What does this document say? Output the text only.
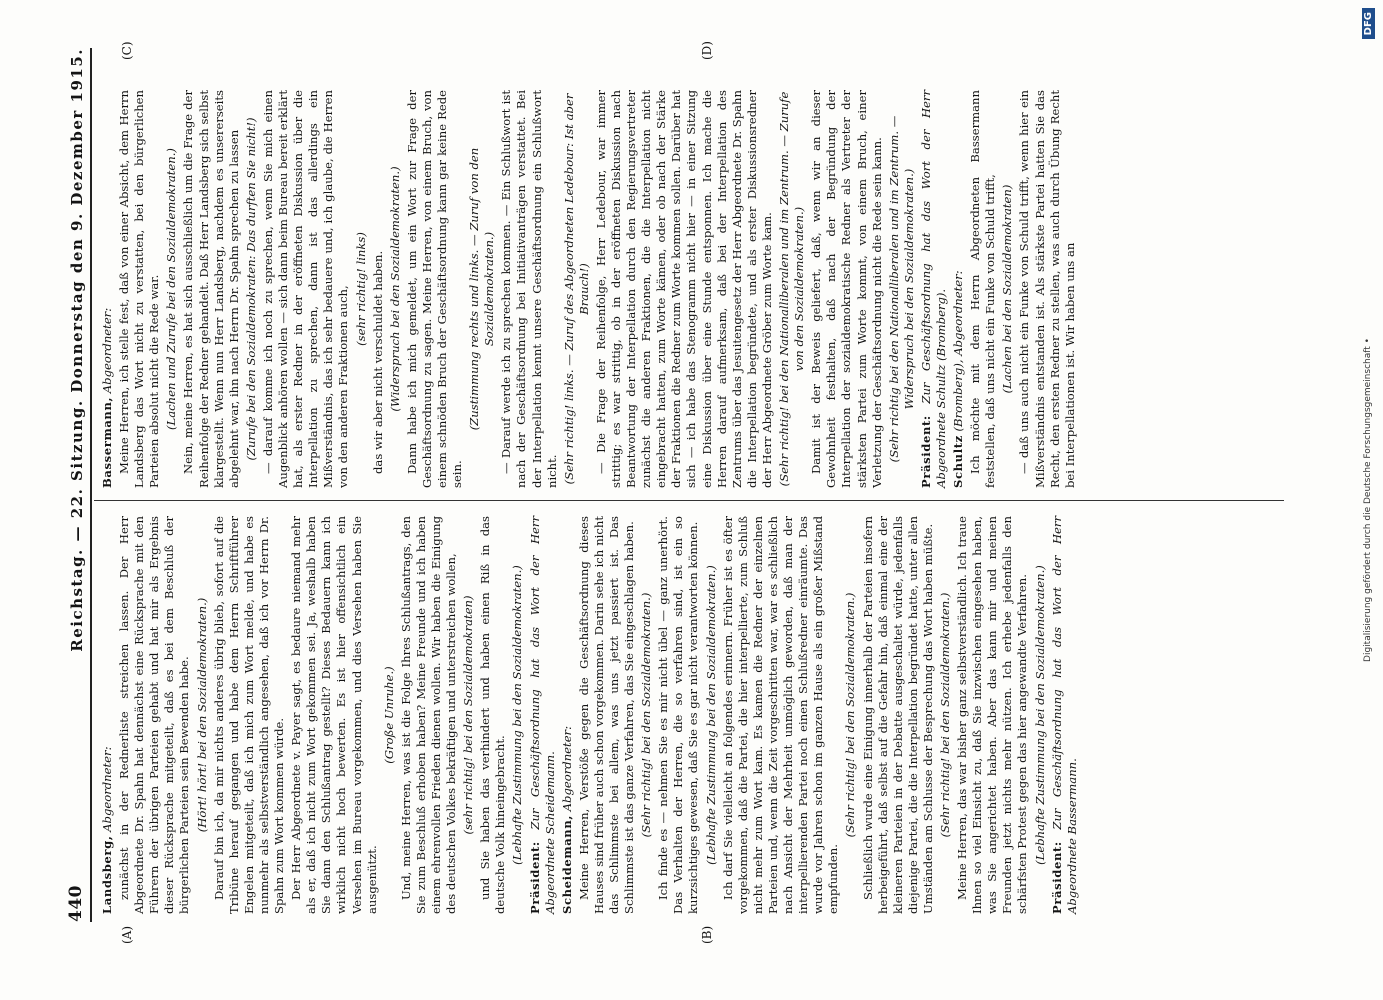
440
Reichstag. — 22. Sitzung. Donnerstag den 9. Dezember 1915.
(A)	(B)
(C)	(D)

Landsberg, Abgeordneter: zunächst in der Rednerliste streichen lassen. Der Herr Abgeordnete Dr. Spahn hat dennächst eine Rücksprache mit den Führern der übrigen Parteien gehabt und hat mir als Ergebnis dieser Rücksprache mitgeteilt, daß es bei dem Beschluß der bürgerlichen Parteien sein Bewenden habe. (Hört! hört! bei den Sozialdemokraten.) Darauf bin ich, da mir nichts anderes übrig blieb, sofort auf die Tribüne herauf gegangen und habe dem Herrn Schriftführer Engelen mitgeteilt, daß ich mich zum Wort melde, und habe es nunmehr als selbstverständlich angesehen, daß ich vor Herrn Dr. Spahn zum Wort kommen würde. Der Herr Abgeordnete v. Payer sagt, es bedaure niemand mehr als er, daß ich nicht zum Wort gekommen sei. Ja, weshalb haben Sie dann den Schlußantrag gestellt? Dieses Bedauern kann ich wirklich nicht hoch bewerten. Es ist hier offensichtlich ein Versehen im Bureau vorgekommen, und dies Versehen haben Sie ausgenützt.

(Große Unruhe.) Und, meine Herren, was ist die Folge Ihres Schlußantrags, den Sie zum Beschluß erhoben haben? Meine Freunde und ich haben einem ehrenvollen Frieden dienen wollen. Wir haben die Einigung des deutschen Volkes bekräftigen und unterstreichen wollen, (sehr richtig! bei den Sozialdemokraten) und Sie haben das verhindert und haben einen Riß in das deutsche Volk hineingebracht. (Lebhafte Zustimmung bei den Sozialdemokraten.)

Präsident: Zur Geschäftsordnung hat das Wort der Herr Abgeordnete Scheidemann. Scheidemann, Abgeordneter: Meine Herren, Verstöße gegen die Geschäftsordnung dieses Hauses sind früher auch schon vorgekommen. Darin sehe ich nicht das Schlimmste bei allem, was uns jetzt passiert ist. Das Schlimmste ist das ganze Verfahren, das Sie eingeschlagen haben. (Sehr richtig! bei den Sozialdemokraten.) Ich finde es — nehmen Sie es mir nicht übel — ganz unerhört. Das Verhalten der Herren, die so verfahren sind, ist ein so kurzsichtiges gewesen, daß Sie es gar nicht verantworten können. (Lebhafte Zustimmung bei den Sozialdemokraten.) Ich darf Sie vielleicht an folgendes erinnern. Früher ist es öfter vorgekommen, daß die Partei, die hier interpellierte, zum Schluß nicht mehr zum Wort kam. Es kamen die Redner der einzelnen Parteien und, wenn die Zeit vorgeschritten war, war es schließlich nach Ansicht der Mehrheit unmöglich geworden, daß man der interpellierenden Partei noch einen Schlußredner einräumte. Das wurde vor Jahren schon im ganzen Hause als ein großer Mißstand empfunden.

(Sehr richtig! bei den Sozialdemokraten.) Schließlich wurde eine Einigung innerhalb der Parteien insofern herbeigeführt, daß selbst auf die Gefahr hin, daß einmal eine der kleineren Parteien in der Debatte ausgeschaltet würde, jedenfalls diejenige Partei, die die Interpellation begründet hatte, unter allen Umständen am Schlusse der Besprechung das Wort haben müßte. (Sehr richtig! bei den Sozialdemokraten.) Meine Herren, das war bisher ganz selbstverständlich. Ich traue Ihnen so viel Einsicht zu, daß Sie inzwischen eingesehen haben, was Sie angerichtet haben. Aber das kann mir und meinen Freunden jetzt nichts mehr nützen. Ich erhebe jedenfalls den schärfsten Protest gegen das hier angewandte Verfahren. (Lebhafte Zustimmung bei den Sozialdemokraten.)

Präsident: Zur Geschäftsordnung hat das Wort der Herr Abgeordnete Bassermann.

Bassermann, Abgeordneter: Meine Herren, ich stelle fest, daß von einer Absicht, dem Herrn Landsberg das Wort nicht zu verstatten, bei den bürgerlichen Parteien absolut nicht die Rede war. (Lachen und Zurufe bei den Sozialdemokraten.) Nein, meine Herren, es hat sich ausschließlich um die Frage der Reihenfolge der Redner gehandelt. Daß Herr Landsberg sich selbst klargestellt. Wenn nun Herr Landsberg, nachdem es unsererseits abgelehnt war, ihn nach Herrn Dr. Spahn sprechen zu lassen (Zurufe bei den Sozialdemokraten: Das durften Sie nicht!) — darauf komme ich noch zu sprechen, wenn Sie mich einen Augenblick anhören wollen — sich dann beim Bureau bereit erklärt hat, als erster Redner in der eröffneten Diskussion über die Interpellation zu sprechen, dann ist das allerdings ein Mißverständnis, das ich sehr bedauere und, ich glaube, die Herren von den anderen Fraktionen auch, (sehr richtig! links) das wir aber nicht verschuldet haben. (Widerspruch bei den Sozialdemokraten.) Dann habe ich mich gemeldet, um ein Wort zur Frage der Geschäftsordnung zu sagen. Meine Herren, von einem Bruch, von einem schnöden Bruch der Geschäftsordnung kann gar keine Rede sein.

(Zustimmung rechts und links. — Zuruf von den Sozialdemokraten.) — Darauf werde ich zu sprechen kommen. — Ein Schlußwort ist nach der Geschäftsordnung bei Initiativanträgen verstattet. Bei der Interpellation kennt unsere Geschäftsordnung ein Schlußwort nicht. (Sehr richtig! links. — Zuruf des Abgeordneten Ledebour: Ist aber Brauch!) — Die Frage der Reihenfolge, Herr Ledebour, war immer strittig; es war strittig, ob in der eröffneten Diskussion nach Beantwortung der Interpellation durch den Regierungsvertreter zunächst die anderen Fraktionen, die die Interpellation nicht eingebracht hatten, zum Worte kämen, oder ob nach der Stärke der Fraktionen die Redner zum Worte kommen sollen. Darüber hat sich — ich habe das Stenogramm nicht hier — in einer Sitzung eine Diskussion über eine Stunde entsponnen. Ich mache die Herren darauf aufmerksam, daß bei der Interpellation des Zentrums über das Jesuitengesetz der Herr Abgeordnete Dr. Spahn die Interpellation begründete, und als erster Diskussionsredner der Herr Abgeordnete Gröber zum Worte kam. (Sehr richtig! bei den Nationalliberalen und im Zentrum. — Zurufe von den Sozialdemokraten.) Damit ist der Beweis geliefert, daß, wenn wir an dieser Gewohnheit festhalten, daß nach der Begründung der Interpellation der sozialdemokratische Redner als Vertreter der stärksten Partei zum Worte kommt, von einem Bruch, einer Verletzung der Geschäftsordnung nicht die Rede sein kann. (Sehr richtig bei den Nationalliberalen und im Zentrum. — Widerspruch bei den Sozialdemokraten.)

Präsident: Zur Geschäftsordnung hat das Wort der Herr Abgeordnete Schultz (Bromberg). Schultz (Bromberg), Abgeordneter: Ich möchte mit dem Herrn Abgeordneten Bassermann feststellen, daß uns nicht ein Funke von Schuld trifft, (Lachen bei den Sozialdemokraten) — daß uns auch nicht ein Funke von Schuld trifft, wenn hier ein Mißverständnis entstanden ist. Als stärkste Partei hatten Sie das Recht, den ersten Redner zu stellen, was auch durch Übung Recht bei Interpellationen ist. Wir haben uns an	Digitalisierung gefördert durch die Deutsche Forschungsgemeinschaft •
DFG
